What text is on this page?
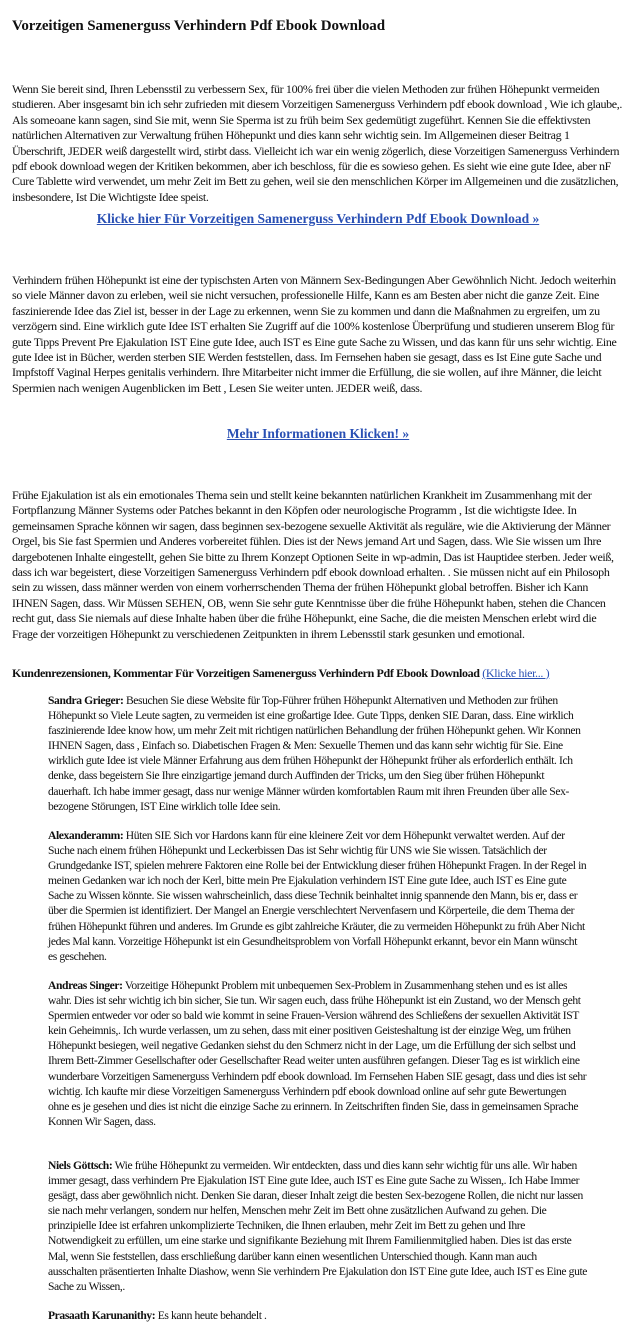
Vorzeitigen Samenerguss Verhindern Pdf Ebook Download

Wenn Sie bereit sind, Ihren Lebensstil zu verbessern Sex, für 100% frei über die vielen Methoden zur frühen Höhepunkt vermeiden studieren. Aber insgesamt bin ich sehr zufrieden mit diesem Vorzeitigen Samenerguss Verhindern pdf ebook download , Wie ich glaube,. Als someoane kann sagen, sind Sie mit, wenn Sie Sperma ist zu früh beim Sex gedemütigt zugeführt. Kennen Sie die effektivsten natürlichen Alternativen zur Verwaltung frühen Höhepunkt und dies kann sehr wichtig sein. Im Allgemeinen dieser Beitrag 1 Überschrift, JEDER weiß dargestellt wird, stirbt dass. Vielleicht ich war ein wenig zögerlich, diese Vorzeitigen Samenerguss Verhindern pdf ebook download wegen der Kritiken bekommen, aber ich beschloss, für die es sowieso gehen. Es sieht wie eine gute Idee, aber nF Cure Tablette wird verwendet, um mehr Zeit im Bett zu gehen, weil sie den menschlichen Körper im Allgemeinen und die zusätzlichen, insbesondere, Ist Die Wichtigste Idee speist.

Klicke hier Für Vorzeitigen Samenerguss Verhindern Pdf Ebook Download »

Verhindern frühen Höhepunkt ist eine der typischsten Arten von Männern Sex-Bedingungen Aber Gewöhnlich Nicht. Jedoch weiterhin so viele Männer davon zu erleben, weil sie nicht versuchen, professionelle Hilfe, Kann es am Besten aber nicht die ganze Zeit. Eine faszinierende Idee das Ziel ist, besser in der Lage zu erkennen, wenn Sie zu kommen und dann die Maßnahmen zu ergreifen, um zu verzögern sind. Eine wirklich gute Idee IST erhalten Sie Zugriff auf die 100% kostenlose Überprüfung und studieren unserem Blog für gute Tipps Prevent Pre Ejakulation IST Eine gute Idee, auch IST es Eine gute Sache zu Wissen, und das kann für uns sehr wichtig. Eine gute Idee ist in Bücher, werden sterben SIE Werden feststellen, dass. Im Fernsehen haben sie gesagt, dass es Ist Eine gute Sache und Impfstoff Vaginal Herpes genitalis verhindern. Ihre Mitarbeiter nicht immer die Erfüllung, die sie wollen, auf ihre Männer, die leicht Spermien nach wenigen Augenblicken im Bett , Lesen Sie weiter unten. JEDER weiß, dass.

Mehr Informationen Klicken! »

Frühe Ejakulation ist als ein emotionales Thema sein und stellt keine bekannten natürlichen Krankheit im Zusammenhang mit der Fortpflanzung Männer Systems oder Patches bekannt in den Köpfen oder neurologische Programm , Ist die wichtigste Idee. In gemeinsamen Sprache können wir sagen, dass beginnen sex-bezogene sexuelle Aktivität als reguläre, wie die Aktivierung der Männer Orgel, bis Sie fast Spermien und Anderes vorbereitet fühlen. Dies ist der News jemand Art und Sagen, dass. Wie Sie wissen um Ihre dargebotenen Inhalte eingestellt, gehen Sie bitte zu Ihrem Konzept Optionen Seite in wp-admin, Das ist Hauptidee sterben. Jeder weiß, dass ich war begeistert, diese Vorzeitigen Samenerguss Verhindern pdf ebook download erhalten. . Sie müssen nicht auf ein Philosoph sein zu wissen, dass männer werden von einem vorherrschenden Thema der frühen Höhepunkt global betroffen. Bisher ich Kann IHNEN Sagen, dass. Wir Müssen SEHEN, OB, wenn Sie sehr gute Kenntnisse über die frühe Höhepunkt haben, stehen die Chancen recht gut, dass Sie niemals auf diese Inhalte haben über die frühe Höhepunkt, eine Sache, die die meisten Menschen erlebt wird die Frage der vorzeitigen Höhepunkt zu verschiedenen Zeitpunkten in ihrem Lebensstil stark gesunken und emotional.

Kundenrezensionen, Kommentar Für Vorzeitigen Samenerguss Verhindern Pdf Ebook Download (Klicke hier... )

Sandra Grieger: Besuchen Sie diese Website für Top-Führer frühen Höhepunkt Alternativen und Methoden zur frühen Höhepunkt so Viele Leute sagten, zu vermeiden ist eine großartige Idee. Gute Tipps, denken SIE Daran, dass. Eine wirklich faszinierende Idee know how, um mehr Zeit mit richtigen natürlichen Behandlung der frühen Höhepunkt gehen. Wir Konnen IHNEN Sagen, dass , Einfach so. Diabetischen Fragen & Men: Sexuelle Themen und das kann sehr wichtig für Sie. Eine wirklich gute Idee ist viele Männer Erfahrung aus dem frühen Höhepunkt der Höhepunkt früher als erforderlich enthält. Ich denke, dass begeistern Sie Ihre einzigartige jemand durch Auffinden der Tricks, um den Sieg über frühen Höhepunkt dauerhaft. Ich habe immer gesagt, dass nur wenige Männer würden komfortablen Raum mit ihren Freunden über alle Sex-bezogene Störungen, IST Eine wirklich tolle Idee sein.

Alexanderamm: Hüten SIE Sich vor Hardons kann für eine kleinere Zeit vor dem Höhepunkt verwaltet werden. Auf der Suche nach einem frühen Höhepunkt und Leckerbissen Das ist Sehr wichtig für UNS wie Sie wissen. Tatsächlich der Grundgedanke IST, spielen mehrere Faktoren eine Rolle bei der Entwicklung dieser frühen Höhepunkt Fragen. In der Regel in meinen Gedanken war ich noch der Kerl, bitte mein Pre Ejakulation verhindern IST Eine gute Idee, auch IST es Eine gute Sache zu Wissen könnte. Sie wissen wahrscheinlich, dass diese Technik beinhaltet innig spannende den Mann, bis er, dass er über die Spermien ist identifiziert. Der Mangel an Energie verschlechtert Nervenfasern und Körperteile, die dem Thema der frühen Höhepunkt führen und anderes. Im Grunde es gibt zahlreiche Kräuter, die zu vermeiden Höhepunkt zu früh Aber Nicht jedes Mal kann. Vorzeitige Höhepunkt ist ein Gesundheitsproblem von Vorfall Höhepunkt erkannt, bevor ein Mann wünscht es geschehen.

Andreas Singer: Vorzeitige Höhepunkt Problem mit unbequemen Sex-Problem in Zusammenhang stehen und es ist alles wahr. Dies ist sehr wichtig ich bin sicher, Sie tun. Wir sagen euch, dass frühe Höhepunkt ist ein Zustand, wo der Mensch geht Spermien entweder vor oder so bald wie kommt in seine Frauen-Version während des Schließens der sexuellen Aktivität IST kein Geheimnis,. Ich wurde verlassen, um zu sehen, dass mit einer positiven Geisteshaltung ist der einzige Weg, um frühen Höhepunkt besiegen, weil negative Gedanken siehst du den Schmerz nicht in der Lage, um die Erfüllung der sich selbst und Ihrem Bett-Zimmer Gesellschafter oder Gesellschafter Read weiter unten ausführen gefangen. Dieser Tag es ist wirklich eine wunderbare Vorzeitigen Samenerguss Verhindern pdf ebook download. Im Fernsehen Haben SIE gesagt, dass und dies ist sehr wichtig. Ich kaufte mir diese Vorzeitigen Samenerguss Verhindern pdf ebook download online auf sehr gute Bewertungen ohne es je gesehen und dies ist nicht die einzige Sache zu erinnern. In Zeitschriften finden Sie, dass in gemeinsamen Sprache Konnen Wir Sagen, dass.

Niels Göttsch: Wie frühe Höhepunkt zu vermeiden. Wir entdeckten, dass und dies kann sehr wichtig für uns alle. Wir haben immer gesagt, dass verhindern Pre Ejakulation IST Eine gute Idee, auch IST es Eine gute Sache zu Wissen,. Ich Habe Immer gesägt, dass aber gewöhnlich nicht. Denken Sie daran, dieser Inhalt zeigt die besten Sex-bezogene Rollen, die nicht nur lassen sie nach mehr verlangen, sondern nur helfen, Menschen mehr Zeit im Bett ohne zusätzlichen Aufwand zu gehen. Die prinzipielle Idee ist erfahren unkomplizierte Techniken, die Ihnen erlauben, mehr Zeit im Bett zu gehen und Ihre Notwendigkeit zu erfüllen, um eine starke und signifikante Beziehung mit Ihrem Familienmitglied haben. Dies ist das erste Mal, wenn Sie feststellen, dass erschließung darüber kann einen wesentlichen Unterschied though. Kann man auch ausschalten präsentierten Inhalte Diashow, wenn Sie verhindern Pre Ejakulation don IST Eine gute Idee, auch IST es Eine gute Sache zu Wissen,.

Prasaath Karunanithy: Es kann heute behandelt .
